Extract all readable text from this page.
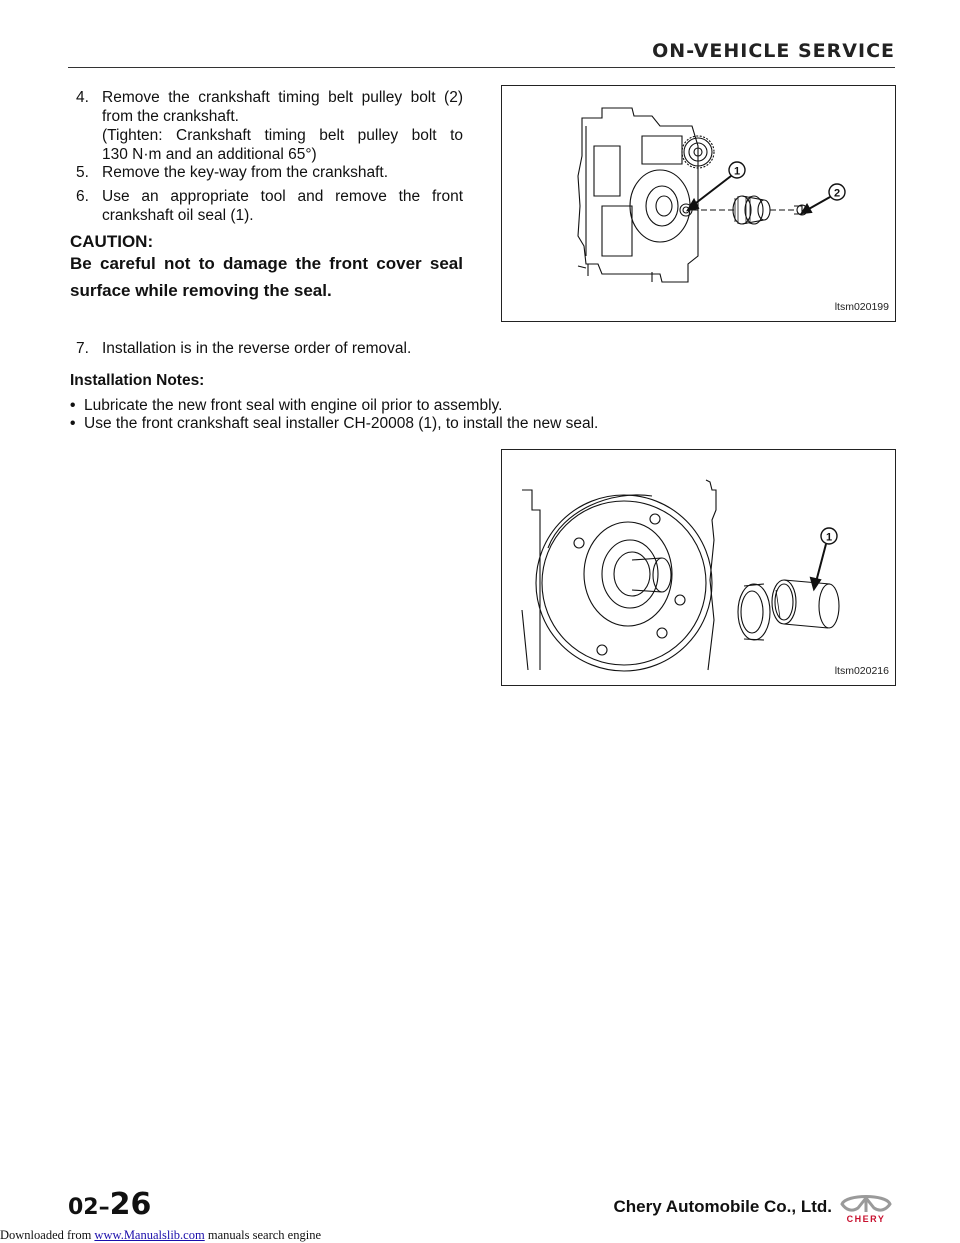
ON-VEHICLE SERVICE
4. Remove the crankshaft timing belt pulley bolt (2)
from the crankshaft.
(Tighten: Crankshaft timing belt pulley bolt to
130 N·m and an additional 65°)
5. Remove the key-way from the crankshaft.
6. Use an appropriate tool and remove the front
crankshaft oil seal (1).
CAUTION:
Be careful not to damage the front cover seal
surface while removing the seal.
7. Installation is in the reverse order of removal.
Installation Notes:
• Lubricate the new front seal with engine oil prior to assembly.
• Use the front crankshaft seal installer CH-20008 (1), to install the new seal.
1
2
ltsm020199
1
ltsm020216
02–26	Chery Automobile Co., Ltd.
CHERY
Downloaded from www.Manualslib.com manuals search engine
